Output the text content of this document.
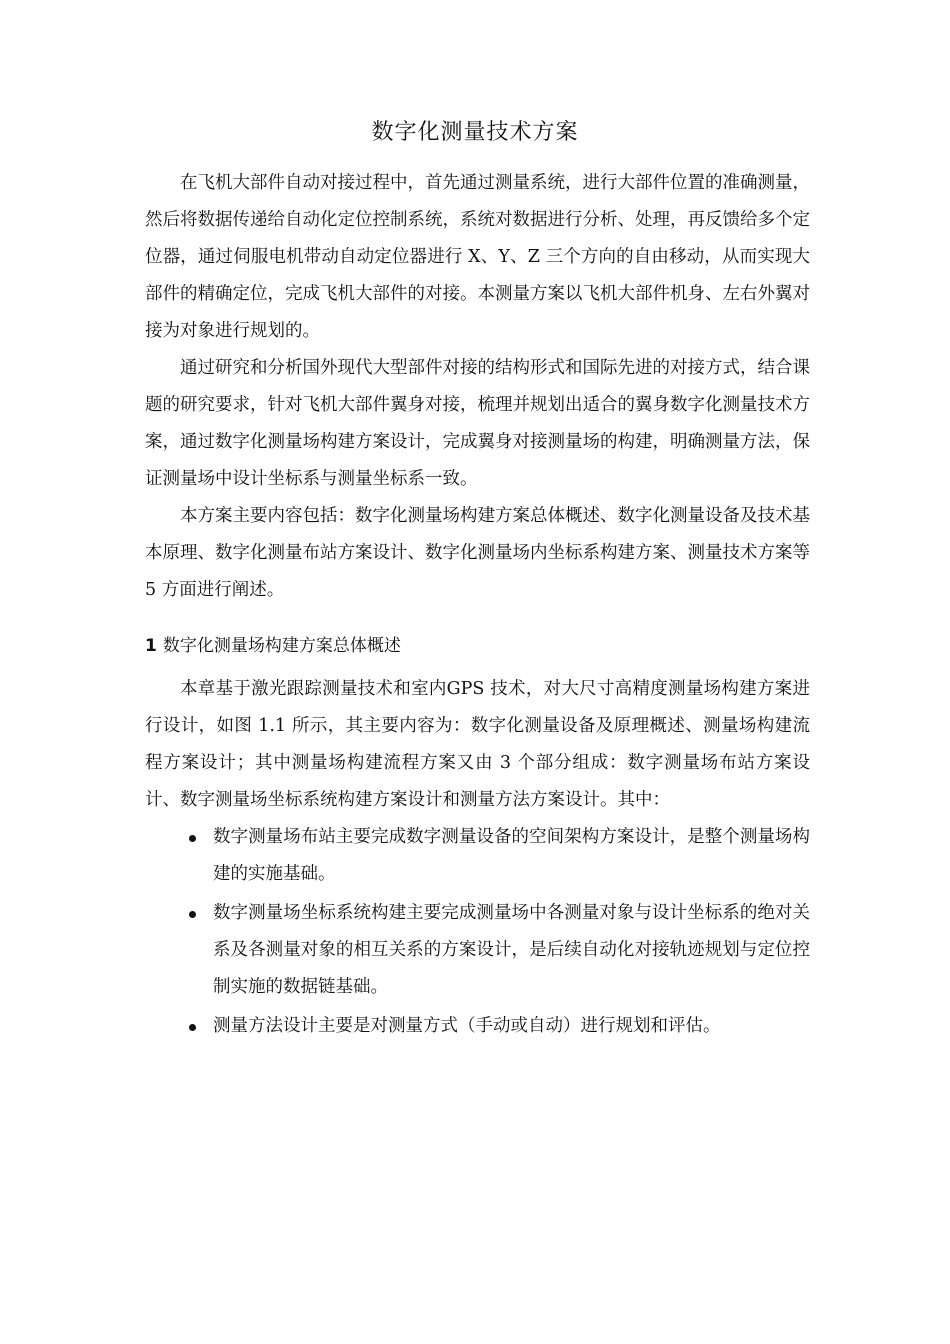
数字化测量技术方案

在飞机大部件自动对接过程中，首先通过测量系统，进行大部件位置的准确测量，然后将数据传递给自动化定位控制系统，系统对数据进行分析、处理，再反馈给多个定位器，通过伺服电机带动自动定位器进行 X、Y、Z 三个方向的自由移动，从而实现大部件的精确定位，完成飞机大部件的对接。本测量方案以飞机大部件机身、左右外翼对接为对象进行规划的。

通过研究和分析国外现代大型部件对接的结构形式和国际先进的对接方式，结合课题的研究要求，针对飞机大部件翼身对接，梳理并规划出适合的翼身数字化测量技术方案，通过数字化测量场构建方案设计，完成翼身对接测量场的构建，明确测量方法，保证测量场中设计坐标系与测量坐标系一致。

本方案主要内容包括：数字化测量场构建方案总体概述、数字化测量设备及技术基本原理、数字化测量布站方案设计、数字化测量场内坐标系构建方案、测量技术方案等 5 方面进行阐述。

1 数字化测量场构建方案总体概述

本章基于激光跟踪测量技术和室内GPS 技术，对大尺寸高精度测量场构建方案进行设计，如图 1.1 所示，其主要内容为：数字化测量设备及原理概述、测量场构建流程方案设计；其中测量场构建流程方案又由 3 个部分组成：数字测量场布站方案设计、数字测量场坐标系统构建方案设计和测量方法方案设计。其中：

数字测量场布站主要完成数字测量设备的空间架构方案设计，是整个测量场构建的实施基础。
数字测量场坐标系统构建主要完成测量场中各测量对象与设计坐标系的绝对关系及各测量对象的相互关系的方案设计，是后续自动化对接轨迹规划与定位控制实施的数据链基础。
测量方法设计主要是对测量方式（手动或自动）进行规划和评估。
